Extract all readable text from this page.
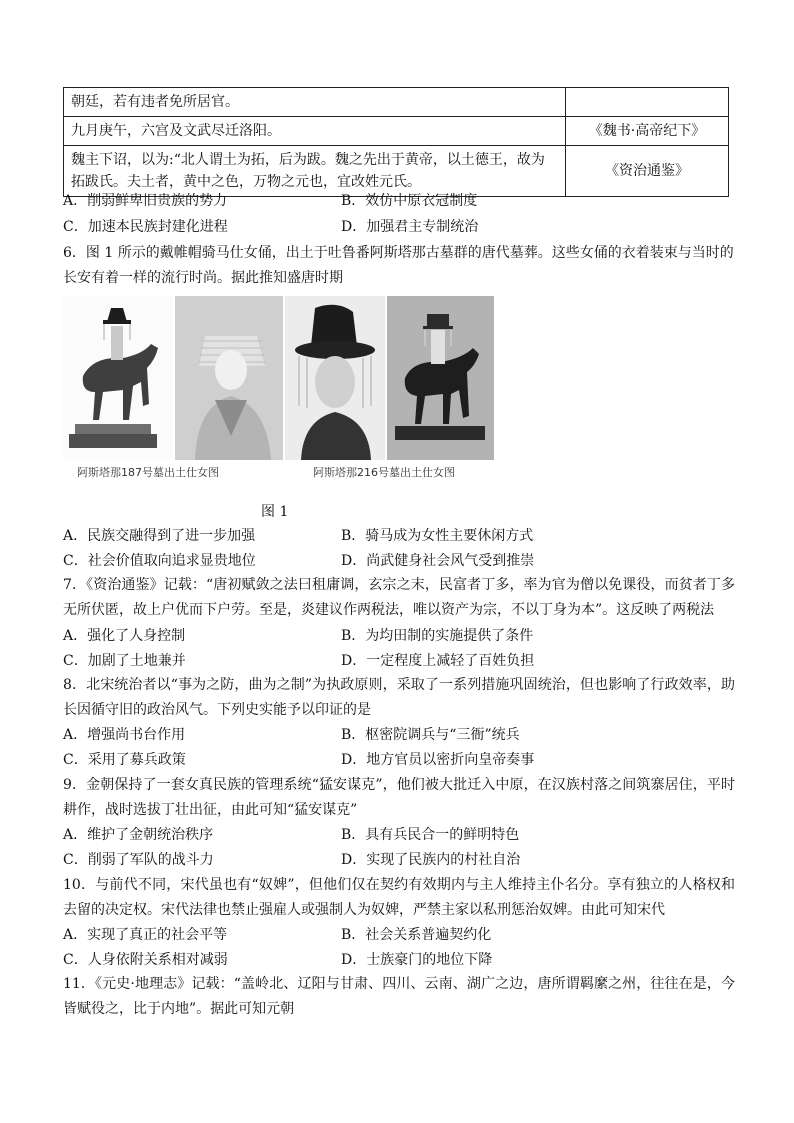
朝廷，若有违者免所居官。	
九月庚午，六宫及文武尽迁洛阳。	《魏书·高帝纪下》
魏主下诏，以为:“北人谓土为拓，后为跋。魏之先出于黄帝，以土德王，故为拓跋氏。夫土者，黄中之色，万物之元也，宜改姓元氏。	《资治通鉴》
A．削弱鲜卑旧贵族的势力	B．效仿中原衣冠制度
C．加速本民族封建化进程	D．加强君主专制统治
6．图 1 所示的戴帷帽骑马仕女俑，出土于吐鲁番阿斯塔那古墓群的唐代墓葬。这些女俑的衣着装束与当时的
长安有着一样的流行时尚。据此推知盛唐时期
阿斯塔那187号墓出土仕女图	阿斯塔那216号墓出土仕女图
图 1
A．民族交融得到了进一步加强	B．骑马成为女性主要休闲方式
C．社会价值取向追求显贵地位	D．尚武健身社会风气受到推崇
7．《资治通鉴》记载：“唐初赋敛之法曰租庸调，玄宗之末，民富者丁多，率为官为僧以免课役，而贫者丁多无所伏匿，故上户优而下户劳。至是，炎建议作两税法，唯以资产为宗，不以丁身为本”。这反映了两税法
A．强化了人身控制	B．为均田制的实施提供了条件
C．加剧了土地兼并	D．一定程度上减轻了百姓负担
8．北宋统治者以“事为之防，曲为之制”为执政原则，采取了一系列措施巩固统治，但也影响了行政效率，助长因循守旧的政治风气。下列史实能予以印证的是
A．增强尚书台作用	B．枢密院调兵与“三衙”统兵
C．采用了募兵政策	D．地方官员以密折向皇帝奏事
9．金朝保持了一套女真民族的管理系统“猛安谋克”，他们被大批迁入中原，在汉族村落之间筑寨居住，平时耕作，战时选拔丁壮出征，由此可知“猛安谋克”
A．维护了金朝统治秩序	B．具有兵民合一的鲜明特色
C．削弱了军队的战斗力	D．实现了民族内的村社自治
10．与前代不同，宋代虽也有“奴婢”，但他们仅在契约有效期内与主人维持主仆名分。享有独立的人格权和去留的决定权。宋代法律也禁止强雇人或强制人为奴婢，严禁主家以私刑惩治奴婢。由此可知宋代
A．实现了真正的社会平等	B．社会关系普遍契约化
C．人身依附关系相对减弱	D．士族豪门的地位下降
11．《元史·地理志》记载：“盖岭北、辽阳与甘肃、四川、云南、湖广之边，唐所谓羁縻之州，往往在是，今皆赋役之，比于内地”。据此可知元朝
